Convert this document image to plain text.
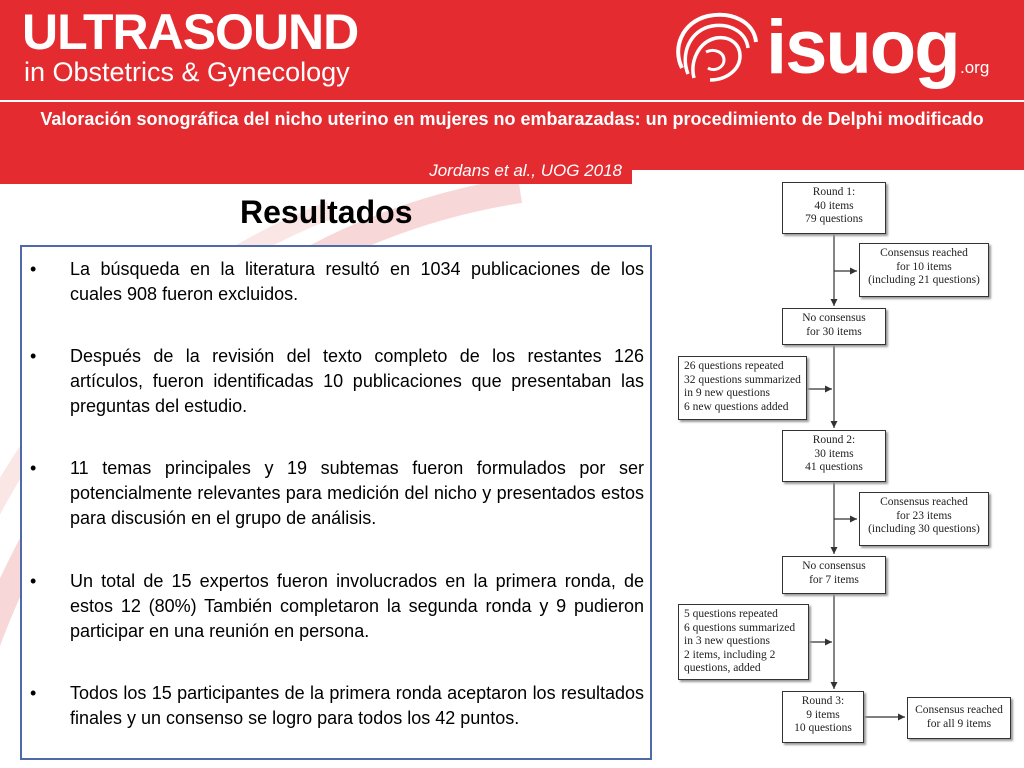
ULTRASOUND
in Obstetrics & Gynecology	isuog .org
Valoración sonográfica del nicho uterino en mujeres no embarazadas: un procedimiento de Delphi modificado
Jordans et al., UOG 2018
Resultados
• La búsqueda en la literatura resultó en 1034 publicaciones de los cuales 908 fueron excluidos.
• Después de la revisión del texto completo de los restantes 126 artículos, fueron identificadas 10 publicaciones que presentaban las preguntas del estudio.
• 11 temas principales y 19 subtemas fueron formulados por ser potencialmente relevantes para medición del nicho y presentados estos para discusión en el grupo de análisis.
• Un total de 15 expertos fueron involucrados en la primera ronda, de estos 12 (80%) También completaron la segunda ronda y 9 pudieron participar en una reunión en persona.
• Todos los 15 participantes de la primera ronda aceptaron los resultados finales y un consenso se logro para todos los 42 puntos.
Round 1:
40 items
79 questions
Consensus reached
for 10 items
(including 21 questions)
No consensus
for 30 items
26 questions repeated
32 questions summarized
in 9 new questions
6 new questions added
Round 2:
30 items
41 questions
Consensus reached
for 23 items
(including 30 questions)
No consensus
for 7 items
5 questions repeated
6 questions summarized
in 3 new questions
2 items, including 2
questions, added
Round 3:
9 items
10 questions
Consensus reached
for all 9 items
